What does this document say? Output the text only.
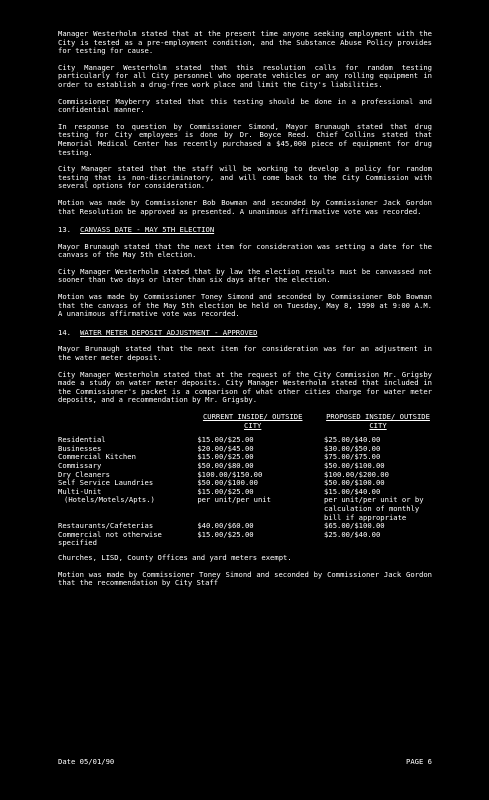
Manager Westerholm stated that at the present time anyone seeking employment with the City is tested as a pre-employment condition, and the Substance Abuse Policy provides for testing for cause.

City Manager Westerholm stated that this resolution calls for random testing particularly for all City personnel who operate vehicles or any rolling equipment in order to establish a drug-free work place and limit the City's liabilities.

Commissioner Mayberry stated that this testing should be done in a professional and confidential manner.

In response to question by Commissioner Simond, Mayor Brunaugh stated that drug testing for City employees is done by Dr. Boyce Reed. Chief Collins stated that Memorial Medical Center has recently purchased a $45,000 piece of equipment for drug testing.

City Manager stated that the staff will be working to develop a policy for random testing that is non-discriminatory, and will come back to the City Commission with several options for consideration.

Motion was made by Commissioner Bob Bowman and seconded by Commissioner Jack Gordon that Resolution be approved as presented. A unanimous affirmative vote was recorded.

13. CANVASS DATE - MAY 5TH ELECTION

Mayor Brunaugh stated that the next item for consideration was setting a date for the canvass of the May 5th election.

City Manager Westerholm stated that by law the election results must be canvassed not sooner than two days or later than six days after the election.

Motion was made by Commissioner Toney Simond and seconded by Commissioner Bob Bowman that the canvass of the May 5th election be held on Tuesday, May 8, 1990 at 9:00 A.M. A unanimous affirmative vote was recorded.

14. WATER METER DEPOSIT ADJUSTMENT - APPROVED

Mayor Brunaugh stated that the next item for consideration was for an adjustment in the water meter deposit.

City Manager Westerholm stated that at the request of the City Commission Mr. Grigsby made a study on water meter deposits. City Manager Westerholm stated that included in the Commissioner's packet is a comparison of what other cities charge for water meter deposits, and a recommendation by Mr. Grigsby.

	CURRENT INSIDE/ OUTSIDE CITY	PROPOSED INSIDE/ OUTSIDE CITY
Residential	$15.00/$25.00	$25.00/$40.00
Businesses	$20.00/$45.00	$30.00/$50.00
Commercial Kitchen	$15.00/$25.00	$75.00/$75.00
Commissary	$50.00/$80.00	$50.00/$100.00
Dry Cleaners	$100.00/$150.00	$100.00/$200.00
Self Service Laundries	$50.00/$100.00	$50.00/$100.00
Multi-Unit	$15.00/$25.00	$15.00/$40.00
(Hotels/Motels/Apts.)	per unit/per unit	per unit/per unit or by calculation of monthly bill if appropriate
Restaurants/Cafeterias	$40.00/$60.00	$65.00/$100.00
Commercial not otherwise specified	$15.00/$25.00	$25.00/$40.00

Churches, LISD, County Offices and yard meters exempt.

Motion was made by Commissioner Toney Simond and seconded by Commissioner Jack Gordon that the recommendation by City Staff

Date 05/01/90	PAGE 6
